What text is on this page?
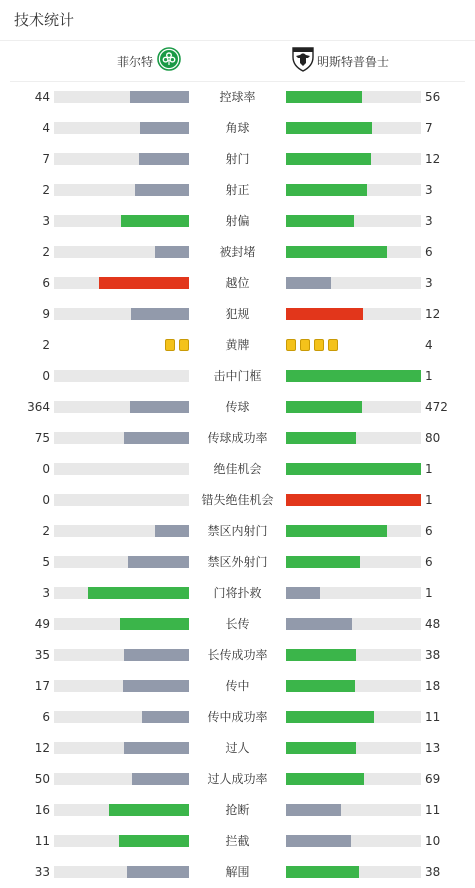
技术统计
菲尔特	明斯特普鲁士
44	控球率	56
4	角球	7
7	射门	12
2	射正	3
3	射偏	3
2	被封堵	6
6	越位	3
9	犯规	12
2	黄牌	4
0	击中门框	1
364	传球	472
75	传球成功率	80
0	绝佳机会	1
0	错失绝佳机会	1
2	禁区内射门	6
5	禁区外射门	6
3	门将扑救	1
49	长传	48
35	长传成功率	38
17	传中	18
6	传中成功率	11
12	过人	13
50	过人成功率	69
16	抢断	11
11	拦截	10
33	解围	38
